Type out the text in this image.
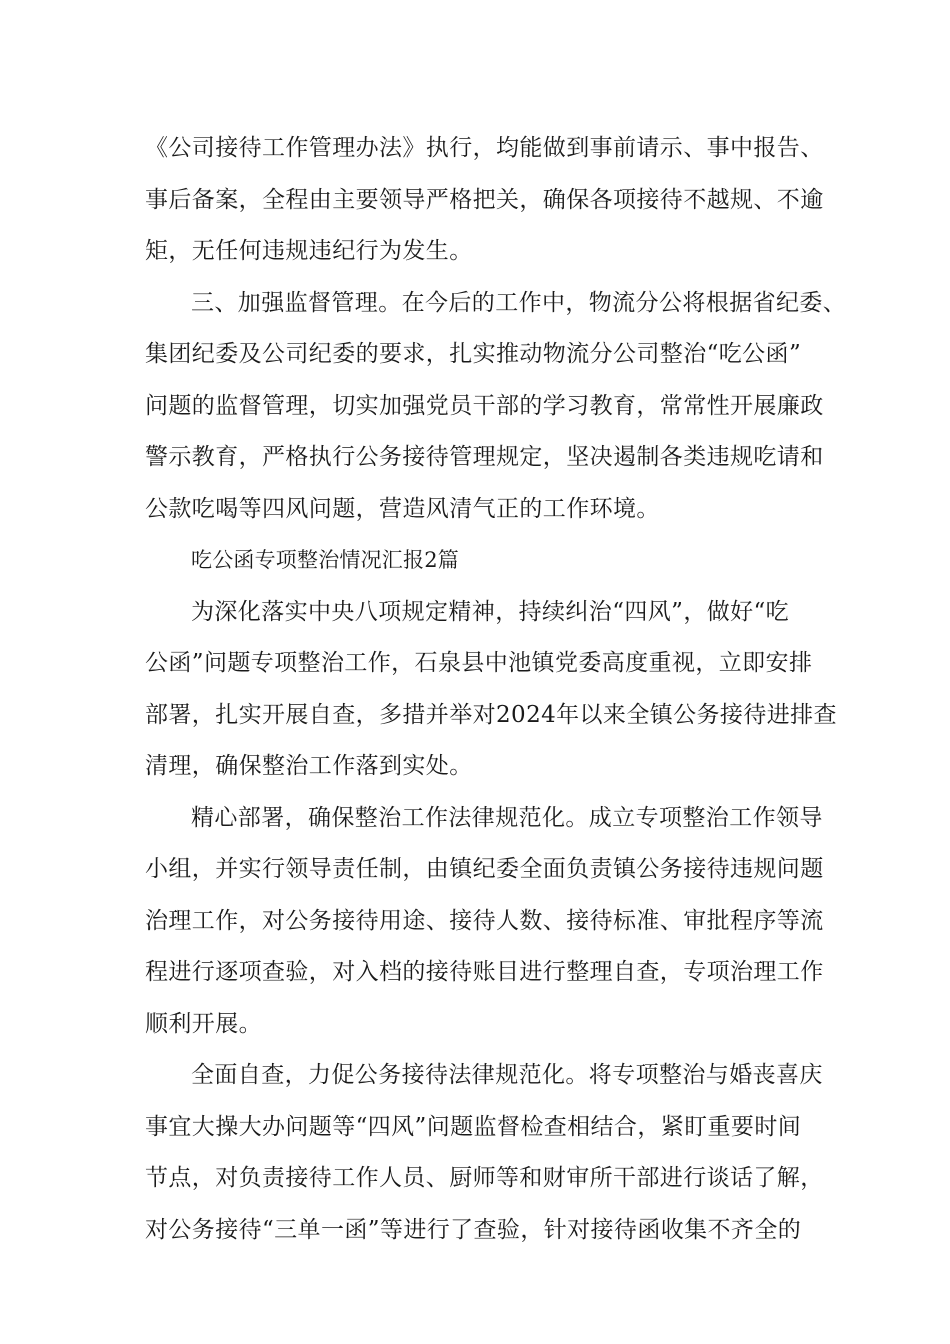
《公司接待工作管理办法》执行，均能做到事前请示、事中报告、
事后备案，全程由主要领导严格把关，确保各项接待不越规、不逾
矩，无任何违规违纪行为发生。
三、加强监督管理。在今后的工作中，物流分公将根据省纪委、
集团纪委及公司纪委的要求，扎实推动物流分公司整治“吃公函”
问题的监督管理，切实加强党员干部的学习教育，常常性开展廉政
警示教育，严格执行公务接待管理规定，坚决遏制各类违规吃请和
公款吃喝等四风问题，营造风清气正的工作环境。
吃公函专项整治情况汇报2篇
为深化落实中央八项规定精神，持续纠治“四风”，做好“吃
公函”问题专项整治工作，石泉县中池镇党委高度重视，立即安排
部署，扎实开展自查，多措并举对2024年以来全镇公务接待进排查
清理，确保整治工作落到实处。
精心部署，确保整治工作法律规范化。成立专项整治工作领导
小组，并实行领导责任制，由镇纪委全面负责镇公务接待违规问题
治理工作，对公务接待用途、接待人数、接待标准、审批程序等流
程进行逐项查验，对入档的接待账目进行整理自查，专项治理工作
顺利开展。
全面自查，力促公务接待法律规范化。将专项整治与婚丧喜庆
事宜大操大办问题等“四风”问题监督检查相结合，紧盯重要时间
节点，对负责接待工作人员、厨师等和财审所干部进行谈话了解，
对公务接待“三单一函”等进行了查验，针对接待函收集不齐全的
